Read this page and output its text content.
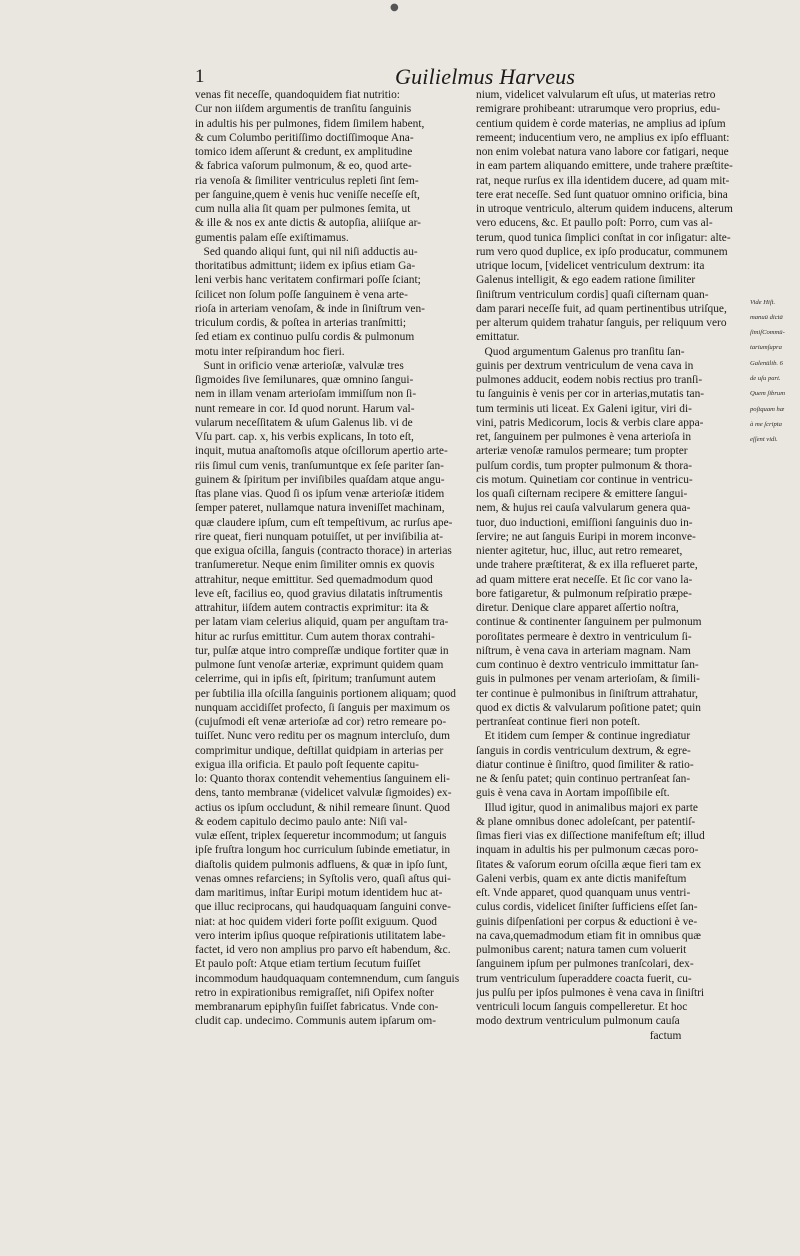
●
1	Guilielmus Harveus

venas fit neceſſe, quandoquidem fiat nutritio:

Cur non iiſdem argumentis de tranſitu ſanguinis

in adultis his per pulmones, fidem ſimilem habent,

& cum Columbo peritiſſimo doctiſſimoque Ana-

tomico idem aſſerunt & credunt, ex amplitudine

& fabrica vaſorum pulmonum, & eo, quod arte-

ria venoſa & ſimiliter ventriculus repleti ſint ſem-

per ſanguine,quem è venis huc veniſſe neceſſe eſt,

cum nulla alia ſit quam per pulmones ſemita, ut

& ille & nos ex ante dictis & autopſia, aliiſque ar-

gumentis palam eſſe exiſtimamus.

Sed quando aliqui ſunt, qui nil niſi adductis au-

thoritatibus admittunt; iidem ex ipſius etiam Ga-

leni verbis hanc veritatem confirmari poſſe ſciant;

ſcilicet non ſolum poſſe ſanguinem è vena arte-

rioſa in arteriam venoſam, & inde in ſiniſtrum ven-

triculum cordis, & poſtea in arterias tranſmitti;

ſed etiam ex continuo pulſu cordis & pulmonum

motu inter reſpirandum hoc fieri.

Sunt in orificio venæ arterioſæ, valvulæ tres

ſigmoides ſive ſemilunares, quæ omnino ſangui-

nem in illam venam arterioſam immiſſum non ſi-

nunt remeare in cor. Id quod norunt. Harum val-

vularum neceſſitatem & uſum Galenus lib. vi de

Vſu part. cap. x, his verbis explicans, In toto eſt,

inquit, mutua anaſtomoſis atque oſcillorum apertio arte-

riis ſimul cum venis, tranſumuntque ex ſeſe pariter ſan-

guinem & ſpiritum per inviſibiles quaſdam atque angu-

ſtas plane vias. Quod ſi os ipſum venæ arterioſæ itidem

ſemper pateret, nullamque natura inveniſſet machinam,

quæ claudere ipſum, cum eſt tempeſtivum, ac rurſus ape-

rire queat, fieri nunquam potuiſſet, ut per inviſibilia at-

que exigua oſcilla, ſanguis (contracto thorace) in arterias

tranſumeretur. Neque enim ſimiliter omnis ex quovis

attrahitur, neque emittitur. Sed quemadmodum quod

leve eſt, facilius eo, quod gravius dilatatis inſtrumentis

attrahitur, iiſdem autem contractis exprimitur: ita &

per latam viam celerius aliquid, quam per anguſtam tra-

hitur ac rurſus emittitur. Cum autem thorax contrahi-

tur, pulſæ atque intro compreſſæ undique fortiter quæ in

pulmone ſunt venoſæ arteriæ, exprimunt quidem quam

celerrime, qui in ipſis eſt, ſpiritum; tranſumunt autem

per ſubtilia illa oſcilla ſanguinis portionem aliquam; quod

nunquam accidiſſet profecto, ſi ſanguis per maximum os

(cujuſmodi eſt venæ arterioſæ ad cor) retro remeare po-

tuiſſet. Nunc vero reditu per os magnum intercluſo, dum

comprimitur undique, deſtillat quidpiam in arterias per

exigua illa orificia. Et paulo poſt ſequente capitu-

lo: Quanto thorax contendit vehementius ſanguinem eli-

dens, tanto membranæ (videlicet valvulæ ſigmoides) ex-

actius os ipſum occludunt, & nihil remeare ſinunt. Quod

& eodem capitulo decimo paulo ante: Niſi val-

vulæ eſſent, triplex ſequeretur incommodum; ut ſanguis

ipſe fruſtra longum hoc curriculum ſubinde emetiatur, in

diaſtolis quidem pulmonis adfluens, & quæ in ipſo ſunt,

venas omnes refarciens; in Syſtolis vero, quaſi aſtus qui-

dam maritimus, inſtar Euripi motum identidem huc at-

que illuc reciprocans, qui haudquaquam ſanguini conve-

niat: at hoc quidem videri forte poſſit exiguum. Quod

vero interim ipſius quoque reſpirationis utilitatem labe-

factet, id vero non amplius pro parvo eſt habendum, &c.

Et paulo poſt: Atque etiam tertium ſecutum fuiſſet

incommodum haudquaquam contemnendum, cum ſanguis

retro in expirationibus remigraſſet, niſi Opifex noſter

membranarum epiphyſin fuiſſet fabricatus. Vnde con-

cludit cap. undecimo. Communis autem ipſarum om-

nium, videlicet valvularum eſt uſus, ut materias retro

remigrare prohibeant: utrarumque vero proprius, edu-

centium quidem è corde materias, ne amplius ad ipſum

remeent; inducentium vero, ne amplius ex ipſo effluant:

non enim volebat natura vano labore cor fatigari, neque

in eam partem aliquando emittere, unde trahere præſtite-

rat, neque rurſus ex illa identidem ducere, ad quam mit-

tere erat neceſſe. Sed ſunt quatuor omnino orificia, bina

in utroque ventriculo, alterum quidem inducens, alterum

vero educens, &c. Et paullo poſt: Porro, cum vas al-

terum, quod tunica ſimplici conſtat in cor inſigatur: alte-

rum vero quod duplice, ex ipſo producatur, communem

utrique locum, [videlicet ventriculum dextrum: ita

Galenus intelligit, & ego eadem ratione ſimiliter

ſiniſtrum ventriculum cordis] quaſi ciſternam quan-

dam parari neceſſe fuit, ad quam pertinentibus utriſque,

per alterum quidem trahatur ſanguis, per reliquum vero

emittatur.

Quod argumentum Galenus pro tranſitu ſan-

guinis per dextrum ventriculum de vena cava in

pulmones adducit, eodem nobis rectius pro tranſi-

tu ſanguinis è venis per cor in arterias,mutatis tan-

tum terminis uti liceat. Ex Galeni igitur, viri di-

vini, patris Medicorum, locis & verbis clare appa-

ret, ſanguinem per pulmones è vena arterioſa in

arteriæ venoſæ ramulos permeare; tum propter

pulſum cordis, tum propter pulmonum & thora-

cis motum. Quinetiam cor continue in ventricu-

los quaſi ciſternam recipere & emittere ſangui-

nem, & hujus rei cauſa valvularum genera qua-

tuor, duo inductioni, emiſſioni ſanguinis duo in-

ſervire; ne aut ſanguis Euripi in morem inconve-

nienter agitetur, huc, illuc, aut retro remearet,

unde trahere præſtiterat, & ex illa reflueret parte,

ad quam mittere erat neceſſe. Et ſic cor vano la-

bore fatigaretur, & pulmonum reſpiratio præpe-

diretur. Denique clare apparet aſſertio noſtra,

continue & continenter ſanguinem per pulmonum

poroſitates permeare è dextro in ventriculum ſi-

niſtrum, è vena cava in arteriam magnam. Nam

cum continuo è dextro ventriculo immittatur ſan-

guis in pulmones per venam arterioſam, & ſimili-

ter continue è pulmonibus in ſiniſtrum attrahatur,

quod ex dictis & valvularum poſitione patet; quin

pertranſeat continue fieri non poteſt.

Et itidem cum ſemper & continue ingrediatur

ſanguis in cordis ventriculum dextrum, & egre-

diatur continue è ſiniſtro, quod ſimiliter & ratio-

ne & ſenſu patet; quin continuo pertranſeat ſan-

guis è vena cava in Aortam impoſſibile eſt.

Illud igitur, quod in animalibus majori ex parte

& plane omnibus donec adoleſcant, per patentiſ-

ſimas fieri vias ex diſſectione manifeſtum eſt; illud

inquam in adultis his per pulmonum cæcas poro-

ſitates & vaſorum eorum oſcilla æque fieri tam ex

Galeni verbis, quam ex ante dictis manifeſtum

eſt. Vnde apparet, quod quanquam unus ventri-

culus cordis, videlicet ſiniſter ſufficiens eſſet ſan-

guinis diſpenſationi per corpus & eductioni è ve-

na cava,quemadmodum etiam fit in omnibus quæ

pulmonibus carent; natura tamen cum voluerit

ſanguinem ipſum per pulmones tranſcolari, dex-

trum ventriculum ſuperaddere coacta fuerit, cu-

jus pulſu per ipſos pulmones è vena cava in ſiniſtri

ventriculi locum ſanguis compelleretur. Et hoc

modo dextrum ventriculum pulmonum cauſa

factum

Vide Hiſt.

manuū dictā

ſimiſCommū-

tariumſupra

Galenūlib. 6

de uſu part.

Quem ſibrum

poſtquam hæ

à me ſcripta

eſſent vidi.
